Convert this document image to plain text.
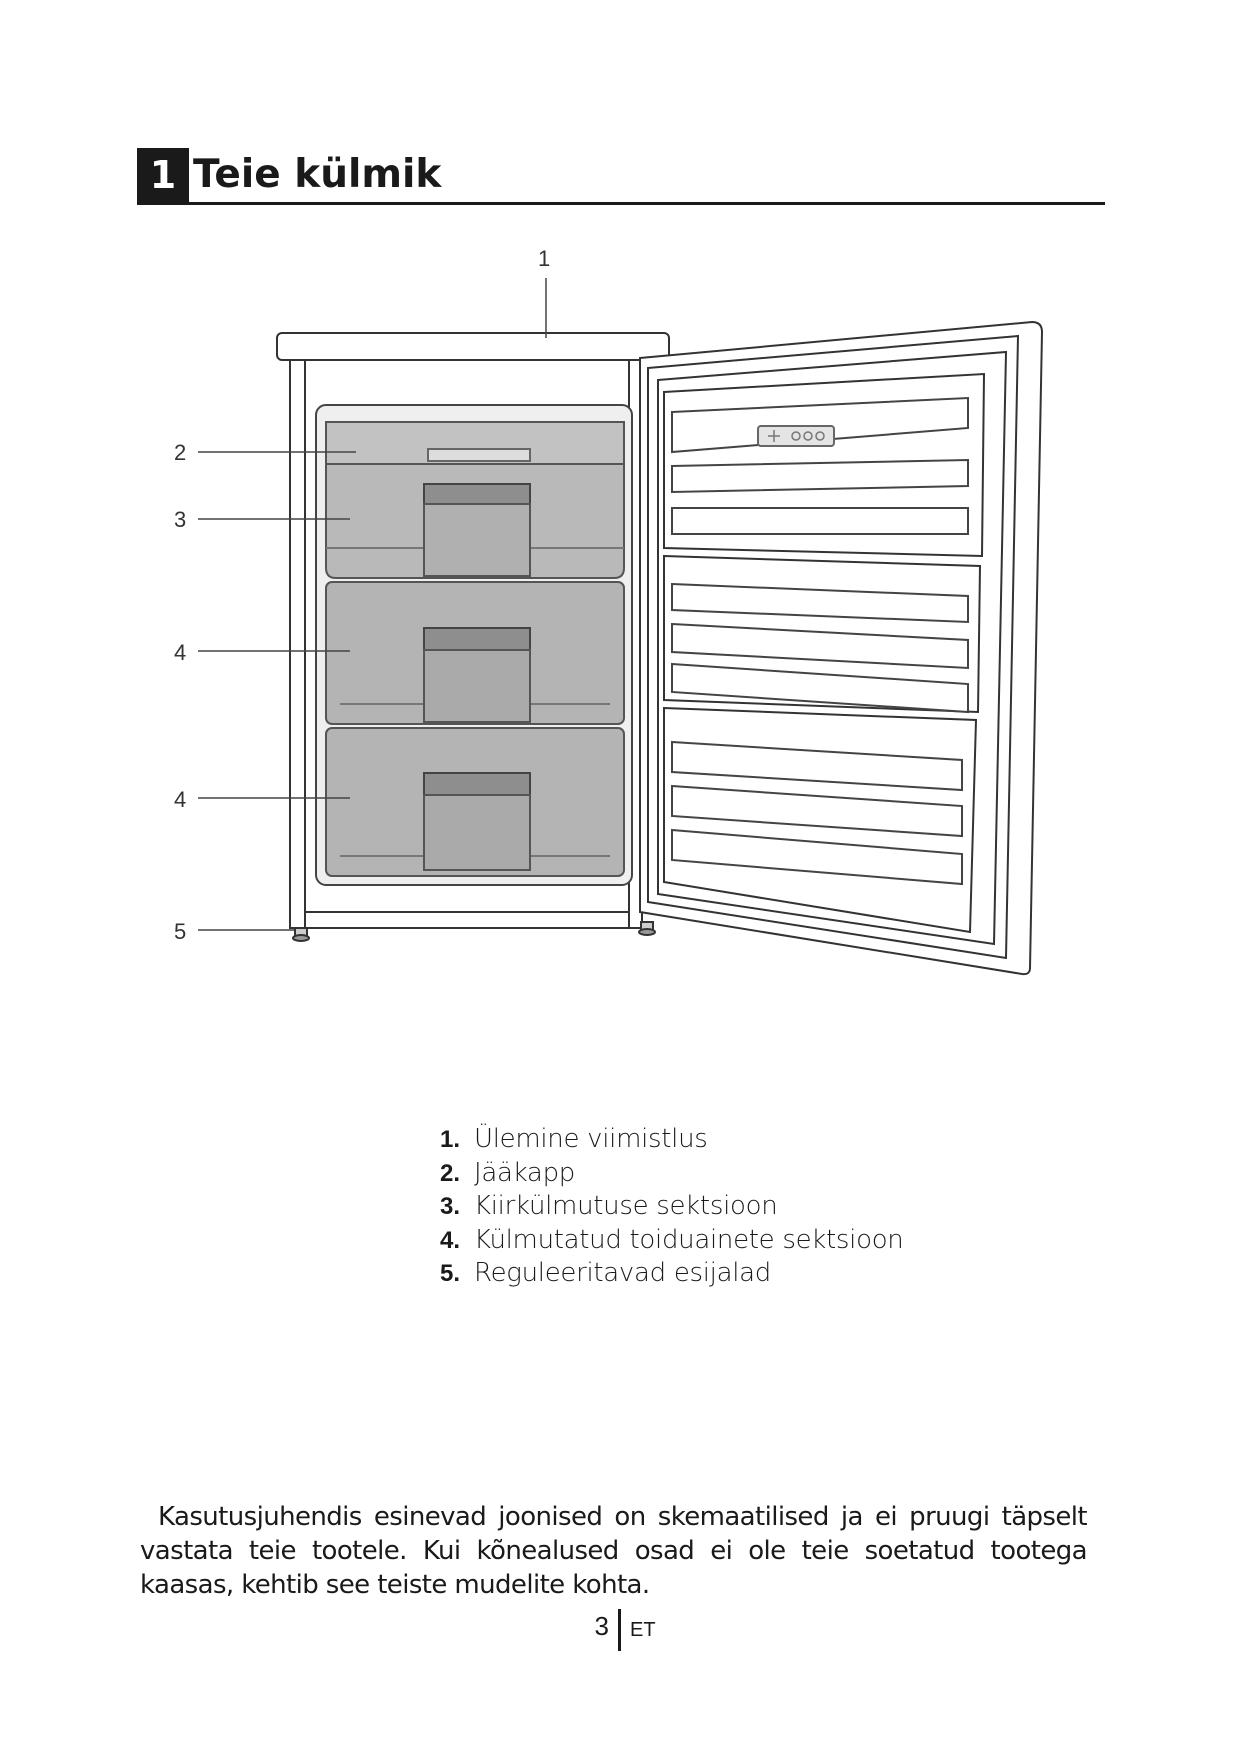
1 Teie külmik
1
2
3
4
4
5
1. Ülemine viimistlus
2. Jääkapp
3. Kiirkülmutuse sektsioon
4. Külmutatud toiduainete sektsioon
5. Reguleeritavad esijalad
Kasutusjuhendis esinevad joonised on skemaatilised ja ei pruugi täpselt vastata teie tootele. Kui kõnealused osad ei ole teie soetatud tootega kaasas, kehtib see teiste mudelite kohta.
3 ET
